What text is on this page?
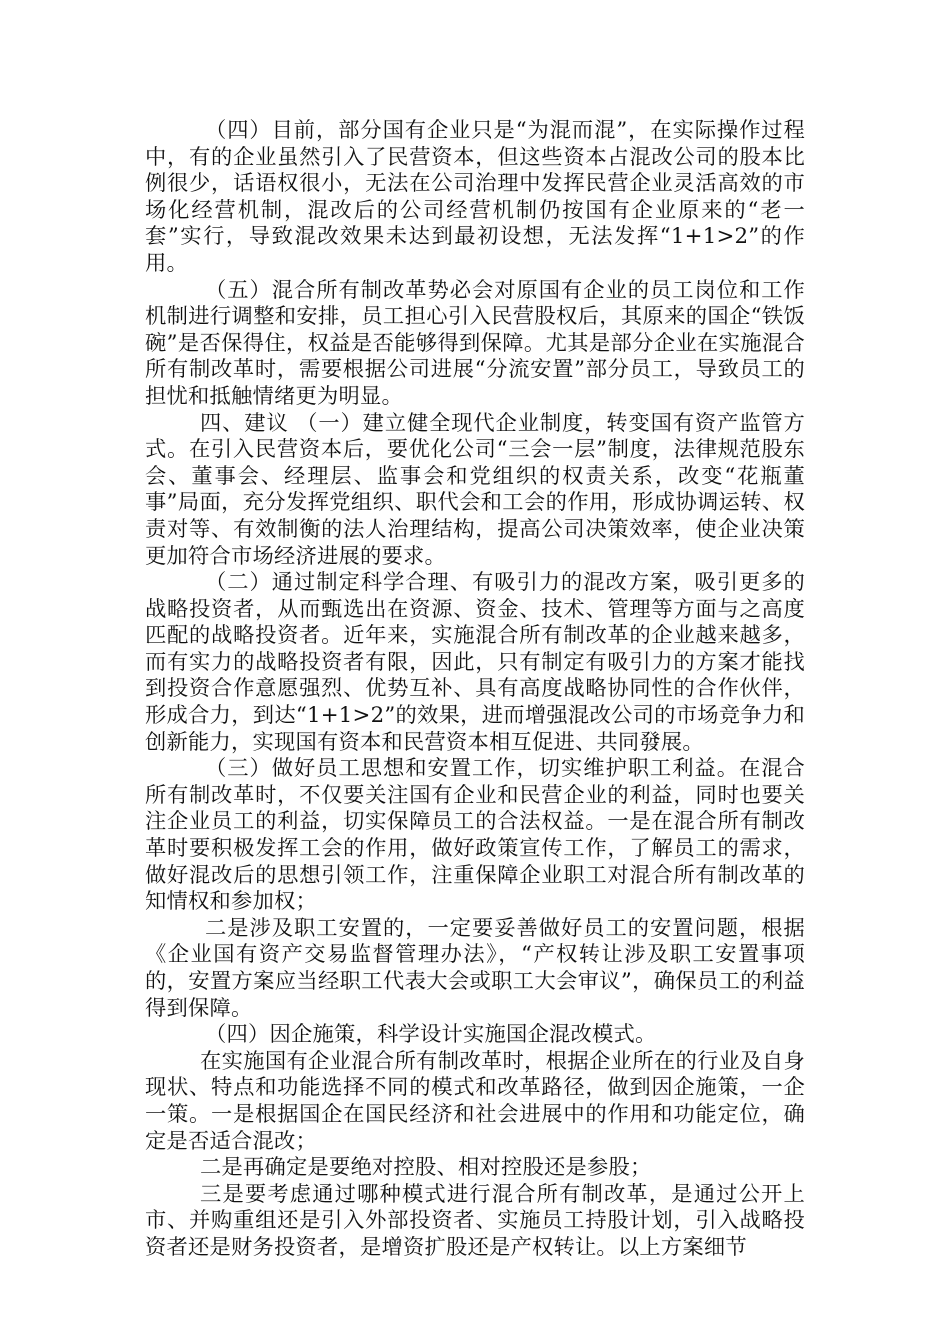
（四）目前，部分国有企业只是“为混而混”，在实际操作过程中，有的企业虽然引入了民营资本，但这些资本占混改公司的股本比例很少，话语权很小，无法在公司治理中发挥民营企业灵活高效的市场化经营机制，混改后的公司经营机制仍按国有企业原来的“老一套”实行，导致混改效果未达到最初设想，无法发挥“1+1>2”的作用。

（五）混合所有制改革势必会对原国有企业的员工岗位和工作机制进行调整和安排，员工担心引入民营股权后，其原来的国企“铁饭碗”是否保得住，权益是否能够得到保障。尤其是部分企业在实施混合所有制改革时，需要根据公司进展“分流安置”部分员工，导致员工的担忧和抵触情绪更为明显。

四、建议 （一）建立健全现代企业制度，转变国有资产监管方式。在引入民营资本后，要优化公司“三会一层”制度，法律规范股东会、董事会、经理层、监事会和党组织的权责关系，改变“花瓶董事”局面，充分发挥党组织、职代会和工会的作用，形成协调运转、权责对等、有效制衡的法人治理结构，提高公司决策效率，使企业决策更加符合市场经济进展的要求。

（二）通过制定科学合理、有吸引力的混改方案，吸引更多的战略投资者，从而甄选出在资源、资金、技术、管理等方面与之高度匹配的战略投资者。近年来，实施混合所有制改革的企业越来越多，而有实力的战略投资者有限，因此，只有制定有吸引力的方案才能找到投资合作意愿强烈、优势互补、具有高度战略协同性的合作伙伴，形成合力，到达“1+1>2”的效果，进而增强混改公司的市场竞争力和创新能力，实现国有资本和民营资本相互促进、共同發展。

（三）做好员工思想和安置工作，切实维护职工利益。在混合所有制改革时，不仅要关注国有企业和民营企业的利益，同时也要关注企业员工的利益，切实保障员工的合法权益。一是在混合所有制改革时要积极发挥工会的作用，做好政策宣传工作，了解员工的需求，做好混改后的思想引领工作，注重保障企业职工对混合所有制改革的知情权和参加权；

二是涉及职工安置的，一定要妥善做好员工的安置问题，根据《企业国有资产交易监督管理办法》，“产权转让涉及职工安置事项的，安置方案应当经职工代表大会或职工大会审议”，确保员工的利益得到保障。

（四）因企施策，科学设计实施国企混改模式。

在实施国有企业混合所有制改革时，根据企业所在的行业及自身现状、特点和功能选择不同的模式和改革路径，做到因企施策，一企一策。一是根据国企在国民经济和社会进展中的作用和功能定位，确定是否适合混改；

二是再确定是要绝对控股、相对控股还是参股；

三是要考虑通过哪种模式进行混合所有制改革，是通过公开上市、并购重组还是引入外部投资者、实施员工持股计划，引入战略投资者还是财务投资者，是增资扩股还是产权转让。以上方案细节
